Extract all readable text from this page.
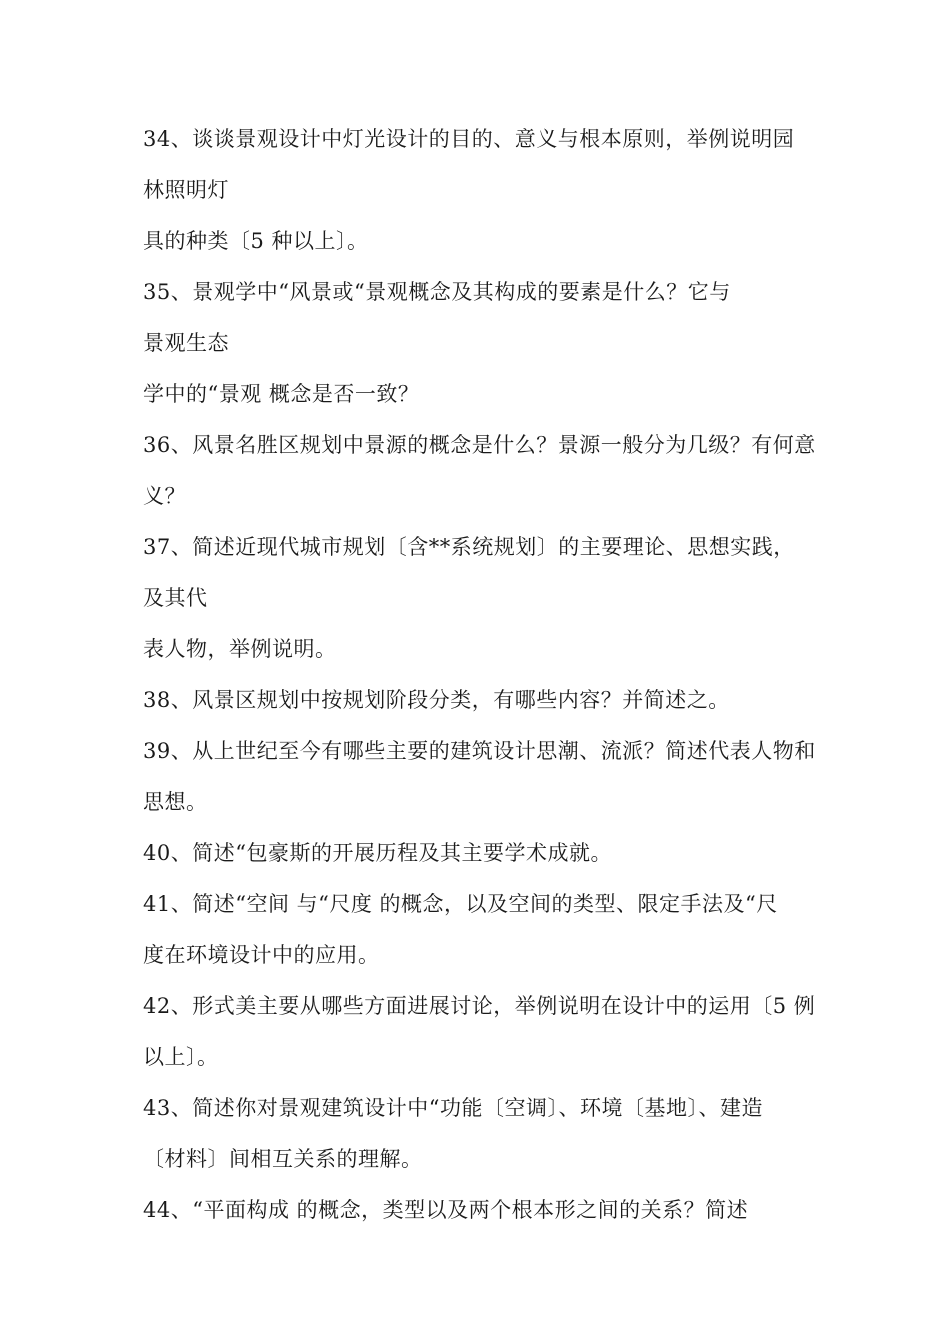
34、谈谈景观设计中灯光设计的目的、意义与根本原则，举例说明园
林照明灯
具的种类〔5 种以上〕。
35、景观学中“风景或“景观概念及其构成的要素是什么？它与
景观生态
学中的“景观 概念是否一致？
36、风景名胜区规划中景源的概念是什么？景源一般分为几级？有何意
义？
37、简述近现代城市规划〔含**系统规划〕的主要理论、思想实践，
及其代
表人物，举例说明。
38、风景区规划中按规划阶段分类，有哪些内容？并简述之。
39、从上世纪至今有哪些主要的建筑设计思潮、流派？简述代表人物和
思想。
40、简述“包豪斯的开展历程及其主要学术成就。
41、简述“空间 与“尺度 的概念，以及空间的类型、限定手法及“尺
度在环境设计中的应用。
42、形式美主要从哪些方面进展讨论，举例说明在设计中的运用〔5 例
以上〕。
43、简述你对景观建筑设计中“功能〔空调〕、环境〔基地〕、建造
〔材料〕间相互关系的理解。
44、“平面构成 的概念，类型以及两个根本形之间的关系？简述
